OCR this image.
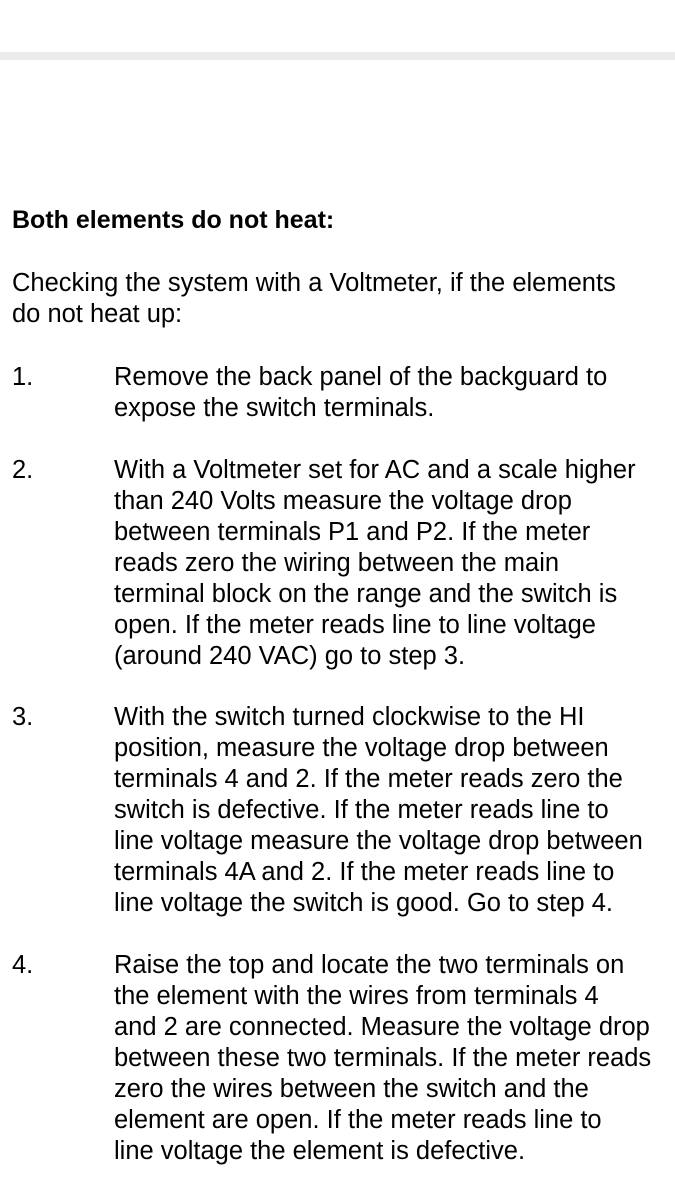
Both elements do not heat:
Checking the system with a Voltmeter, if the elements
do not heat up:
1.	Remove the back panel of the backguard to
expose the switch terminals.
2.	With a Voltmeter set for AC and a scale higher
than 240 Volts measure the voltage drop
between terminals P1 and P2. If the meter
reads zero the wiring between the main
terminal block on the range and the switch is
open. If the meter reads line to line voltage
(around 240 VAC) go to step 3.
3.	With the switch turned clockwise to the HI
position, measure the voltage drop between
terminals 4 and 2. If the meter reads zero the
switch is defective. If the meter reads line to
line voltage measure the voltage drop between
terminals 4A and 2. If the meter reads line to
line voltage the switch is good. Go to step 4.
4.	Raise the top and locate the two terminals on
the element with the wires from terminals 4
and 2 are connected. Measure the voltage drop
between these two terminals. If the meter reads
zero the wires between the switch and the
element are open. If the meter reads line to
line voltage the element is defective.
